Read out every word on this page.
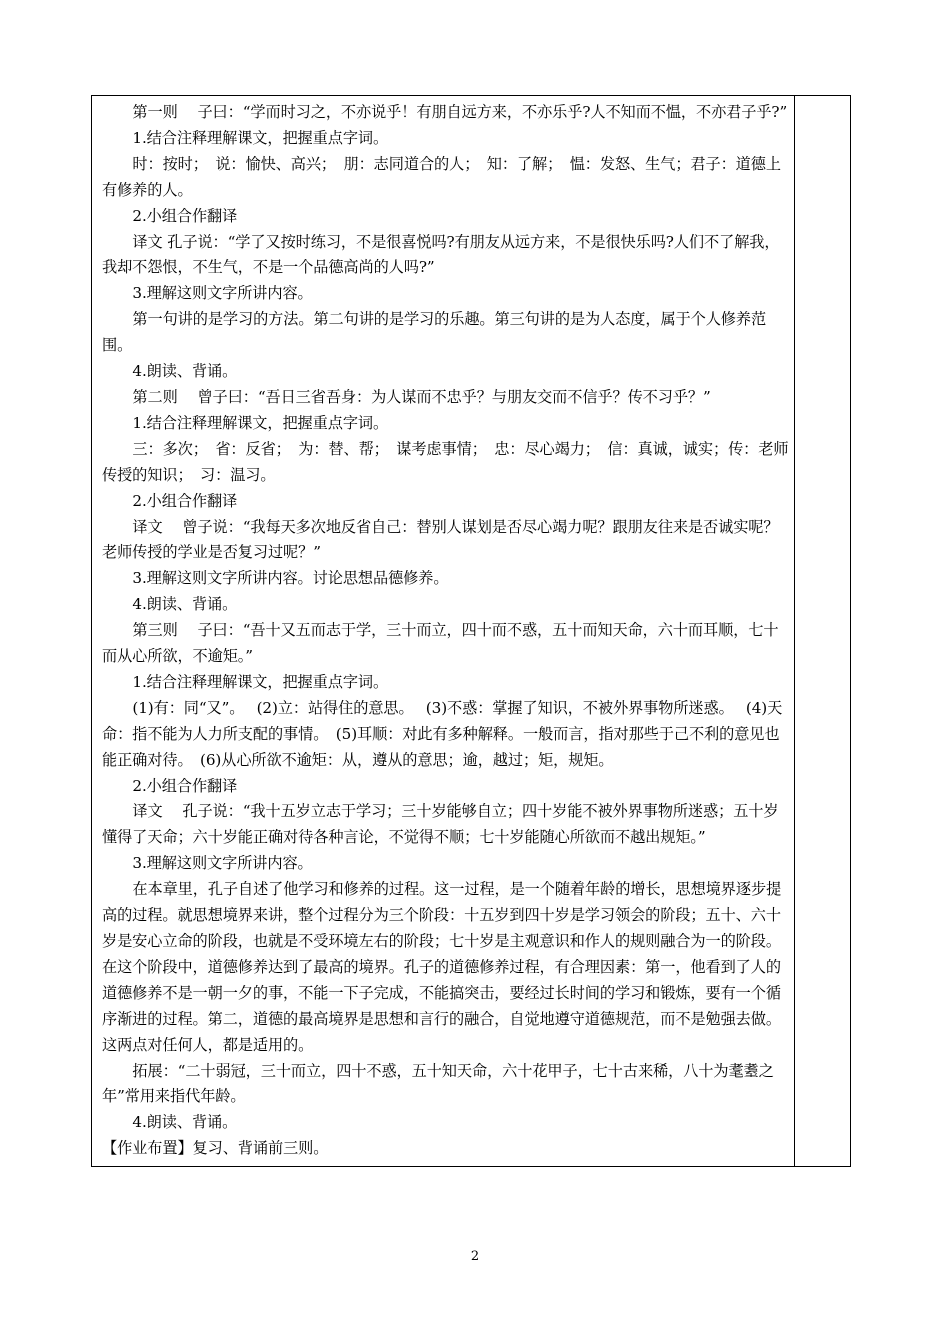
第一则　 子曰：“学而时习之，不亦说乎！有朋自远方来，不亦乐乎?人不知而不愠，不亦君子乎?”

1.结合注释理解课文，把握重点字词。

时：按时；　说：愉快、高兴；　朋：志同道合的人；　知：了解；　愠：发怒、生气；君子：道德上有修养的人。

2.小组合作翻译

译文 孔子说：“学了又按时练习，不是很喜悦吗?有朋友从远方来，不是很快乐吗?人们不了解我，我却不怨恨，不生气，不是一个品德高尚的人吗?”

3.理解这则文字所讲内容。

第一句讲的是学习的方法。第二句讲的是学习的乐趣。第三句讲的是为人态度，属于个人修养范围。

4.朗读、背诵。

第二则　 曾子曰：“吾日三省吾身：为人谋而不忠乎？与朋友交而不信乎？传不习乎？”

1.结合注释理解课文，把握重点字词。

三：多次；　省：反省；　为：替、帮；　谋考虑事情；　忠：尽心竭力；　信：真诚，诚实；传：老师传授的知识；　习：温习。

2.小组合作翻译

译文　 曾子说：“我每天多次地反省自己：替别人谋划是否尽心竭力呢？跟朋友往来是否诚实呢？老师传授的学业是否复习过呢？”

3.理解这则文字所讲内容。讨论思想品德修养。

4.朗读、背诵。

第三则　 子曰：“吾十又五而志于学，三十而立，四十而不惑，五十而知天命，六十而耳顺，七十而从心所欲，不逾矩。”

1.结合注释理解课文，把握重点字词。

(1)有：同“又”。　 (2)立：站得住的意思。　 (3)不惑：掌握了知识，不被外界事物所迷惑。　 (4)天命：指不能为人力所支配的事情。　(5)耳顺：对此有多种解释。一般而言，指对那些于己不利的意见也能正确对待。　(6)从心所欲不逾矩：从，遵从的意思；逾，越过；矩，规矩。

2.小组合作翻译

译文　 孔子说：“我十五岁立志于学习；三十岁能够自立；四十岁能不被外界事物所迷惑；五十岁懂得了天命；六十岁能正确对待各种言论，不觉得不顺；七十岁能随心所欲而不越出规矩。”

3.理解这则文字所讲内容。

在本章里，孔子自述了他学习和修养的过程。这一过程，是一个随着年龄的增长，思想境界逐步提高的过程。就思想境界来讲，整个过程分为三个阶段：十五岁到四十岁是学习领会的阶段；五十、六十岁是安心立命的阶段，也就是不受环境左右的阶段；七十岁是主观意识和作人的规则融合为一的阶段。在这个阶段中，道德修养达到了最高的境界。孔子的道德修养过程，有合理因素：第一，他看到了人的道德修养不是一朝一夕的事，不能一下子完成，不能搞突击，要经过长时间的学习和锻炼，要有一个循序渐进的过程。第二，道德的最高境界是思想和言行的融合，自觉地遵守道德规范，而不是勉强去做。这两点对任何人，都是适用的。

拓展：“二十弱冠，三十而立，四十不惑，五十知天命，六十花甲子，七十古来稀，八十为耄耋之年”常用来指代年龄。

4.朗读、背诵。

【作业布置】复习、背诵前三则。

2
